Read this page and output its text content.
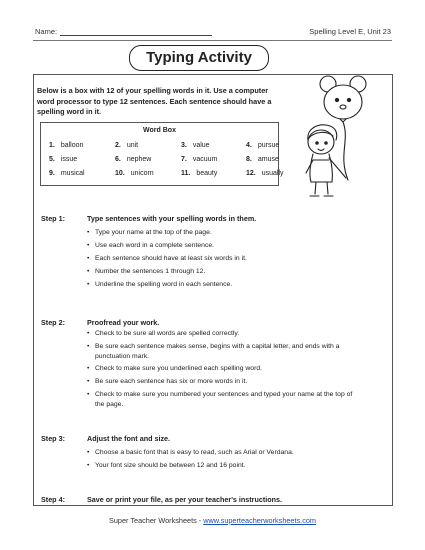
Name:	Spelling Level E, Unit 23
Typing Activity
Below is a box with 12 of your spelling words in it. Use a computer word processor to type 12 sentences. Each sentence should have a spelling word in it.
Word Box
1. balloon	2. unit	3. value	4. pursue
5. issue	6. nephew	7. vacuum	8. amuse
9. musical	10. unicorn	11. beauty	12. usually
Step 1:	Type sentences with your spelling words in them.
• Type your name at the top of the page.
• Use each word in a complete sentence.
• Each sentence should have at least six words in it.
• Number the sentences 1 through 12.
• Underline the spelling word in each sentence.
Step 2:	Proofread your work.
• Check to be sure all words are spelled correctly.
• Be sure each sentence makes sense, begins with a capital letter, and ends with a punctuation mark.
• Check to make sure you underlined each spelling word.
• Be sure each sentence has six or more words in it.
• Check to make sure you numbered your sentences and typed your name at the top of the page.
Step 3:	Adjust the font and size.
• Choose a basic font that is easy to read, such as Arial or Verdana.
• Your font size should be between 12 and 16 point.
Step 4:	Save or print your file, as per your teacher's instructions.
Super Teacher Worksheets - www.superteacherworksheets.com
